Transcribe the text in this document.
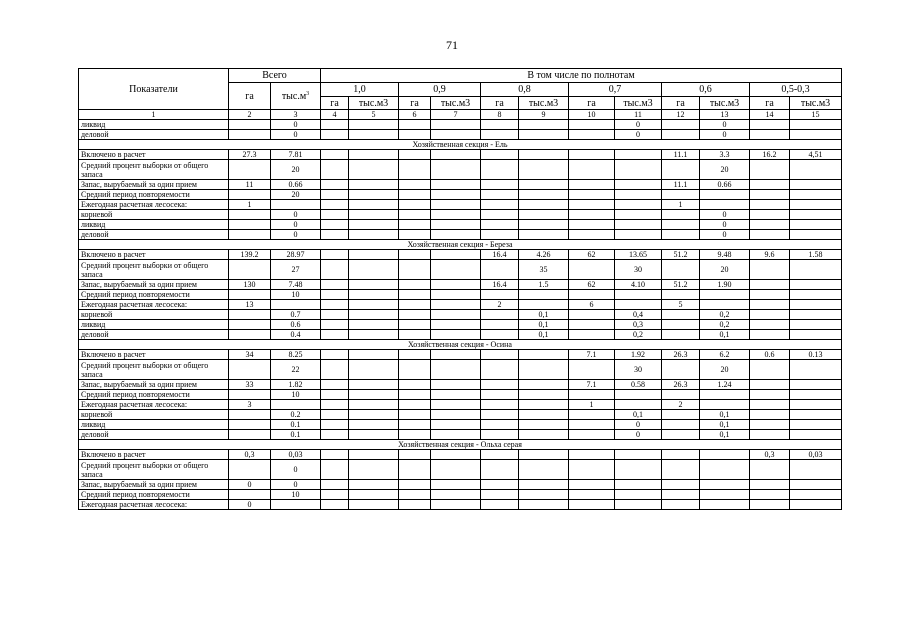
71
Показатели	Всего		В том числе по полнотам											
	га	$тыс.м^3$	1,0		0,9		0,8		0,7		0,6		0,5-0,3	
			га	тыс.м3	га	тыс.м3	га	тыс.м3	га	тыс.м3	га	тыс.м3	га	тыс.м3
1	2	3	4	5	6	7	8	9	10	11	12	13	14	15
ликвид		0								0		0		
деловой		0								0		0		
Хозяйственная секция - Ель														
Включено в расчет	27.3	7.81									11.1	3.3	16.2	4,51
Средний процент выборки от общего запаса		20										20		
Запас, вырубаемый за один прием	11	0.66									11.1	0.66		
Средний период повторяемости		20												
Ежегодная расчетная лесосека:	1										1			
корневой		0										0		
ликвид		0										0		
деловой		0										0		
Хозяйственная секция - Береза														
Включено в расчет	139.2	28.97					16.4	4.26	62	13.65	51.2	9.48	9.6	1.58
Средний процент выборки от общего запаса		27						35		30		20		
Запас, вырубаемый за один прием	130	7.48					16.4	1.5	62	4.10	51.2	1.90		
Средний период повторяемости		10												
Ежегодная расчетная лесосека:	13						2		6		5			
корневой		0.7						0,1		0,4		0,2		
ликвид		0.6						0,1		0,3		0,2		
деловой		0.4						0,1		0,2		0,1		
Хозяйственная секция - Осина														
Включено в расчет	34	8.25							7.1	1.92	26.3	6.2	0.6	0.13
Средний процент выборки от общего запаса		22								30		20		
Запас, вырубаемый за один прием	33	1.82							7.1	0.58	26.3	1.24		
Средний период повторяемости		10												
Ежегодная расчетная лесосека:	3								1		2			
корневой		0.2								0,1		0,1		
ликвид		0.1								0		0,1		
деловой		0.1								0		0,1		
Хозяйственная секция - Ольха серая														
Включено в расчет	0,3	0,03											0,3	0,03
Средний процент выборки от общего запаса		0												
Запас, вырубаемый за один прием	0	0												
Средний период повторяемости		10												
Ежегодная расчетная лесосека:	0													
